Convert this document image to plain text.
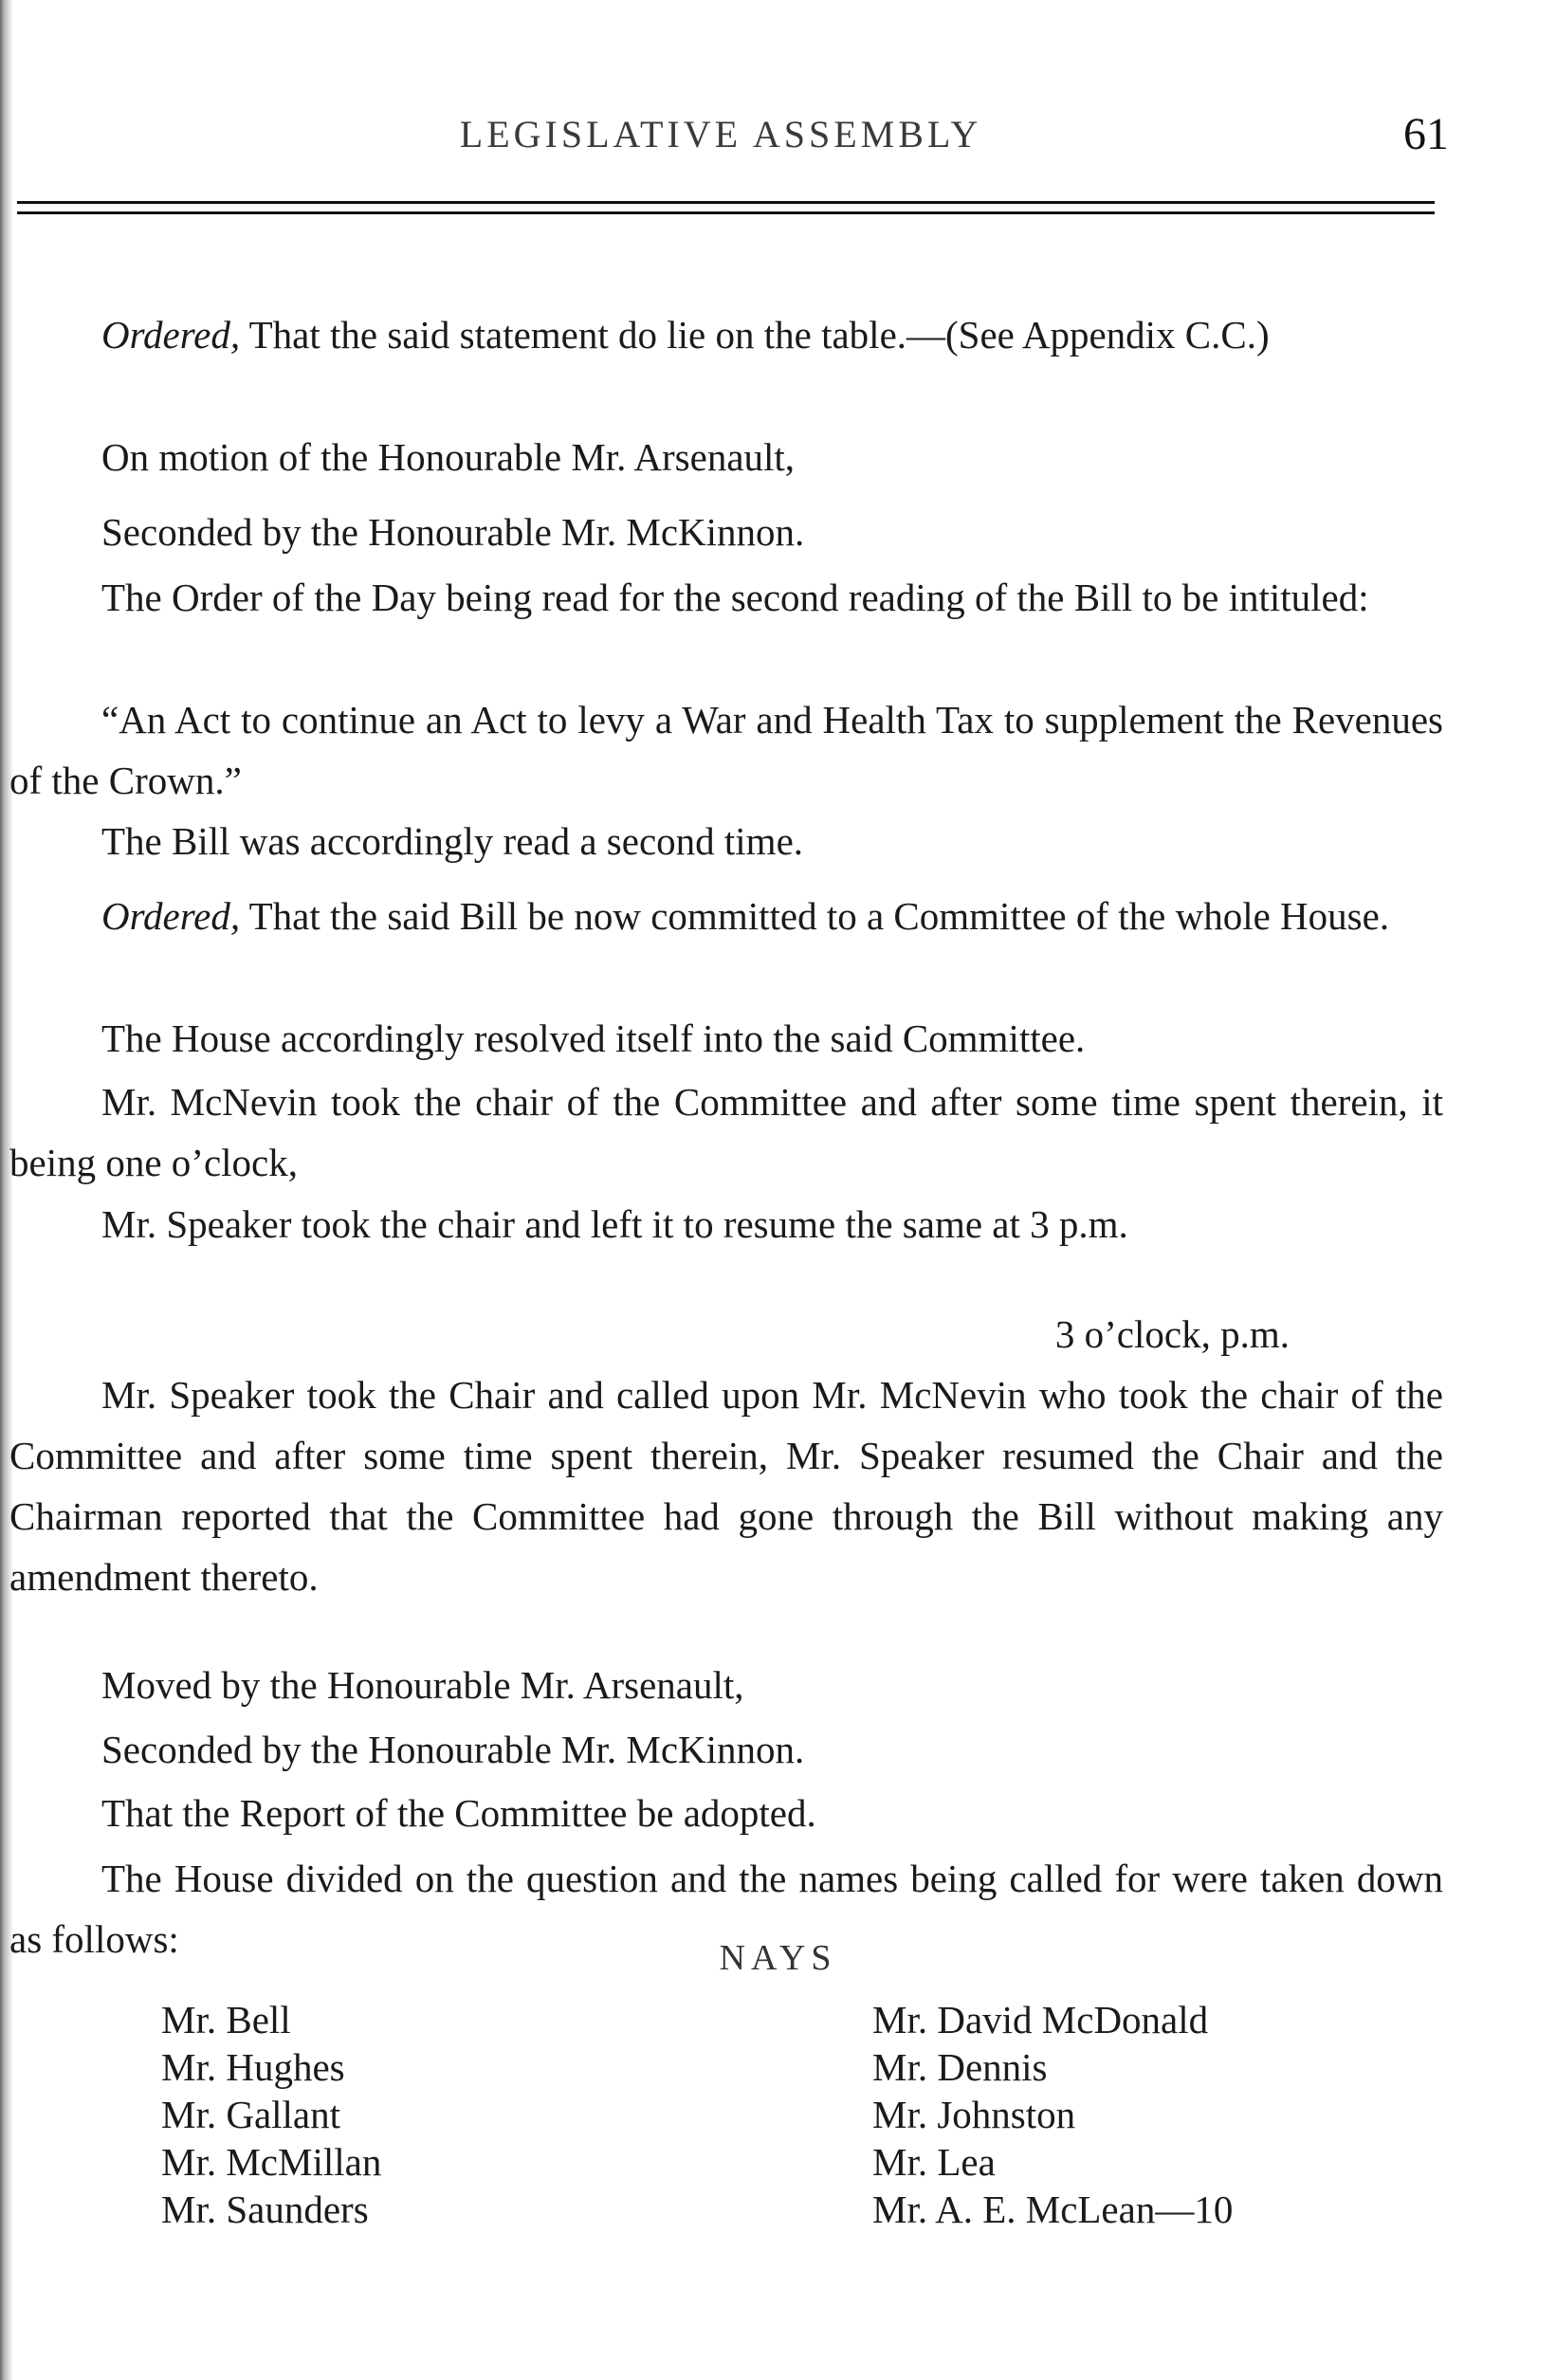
LEGISLATIVE ASSEMBLY	61

Ordered, That the said statement do lie on the table.—(See Appendix C.C.)

On motion of the Honourable Mr. Arsenault,

Seconded by the Honourable Mr. McKinnon.

The Order of the Day being read for the second reading of the Bill to be intituled:

“An Act to continue an Act to levy a War and Health Tax to supplement the Revenues of the Crown.”

The Bill was accordingly read a second time.

Ordered, That the said Bill be now committed to a Committee of the whole House.

The House accordingly resolved itself into the said Committee.

Mr. McNevin took the chair of the Committee and after some time spent therein, it being one o’clock,

Mr. Speaker took the chair and left it to resume the same at 3 p.m.

3 o’clock, p.m.

Mr. Speaker took the Chair and called upon Mr. McNevin who took the chair of the Committee and after some time spent therein, Mr. Speaker resumed the Chair and the Chairman reported that the Committee had gone through the Bill without making any amendment thereto.

Moved by the Honourable Mr. Arsenault,

Seconded by the Honourable Mr. McKinnon.

That the Report of the Committee be adopted.

The House divided on the question and the names being called for were taken down as follows:	NAYS
Mr. Bell
Mr. Hughes
Mr. Gallant
Mr. McMillan
Mr. Saunders
Mr. David McDonald
Mr. Dennis
Mr. Johnston
Mr. Lea
Mr. A. E. McLean—10
